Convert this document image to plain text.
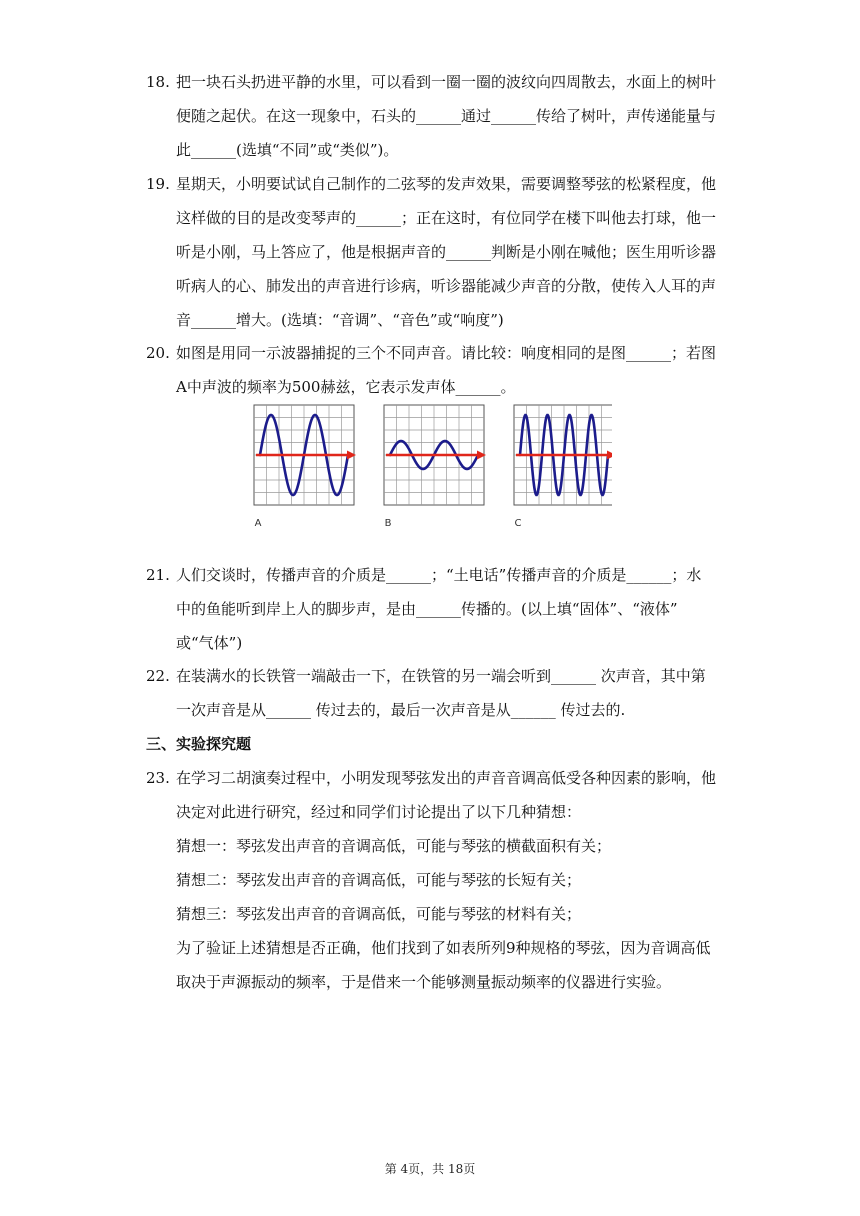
18. 把一块石头扔进平静的水里，可以看到一圈一圈的波纹向四周散去，水面上的树叶
便随之起伏。在这一现象中，石头的______通过______传给了树叶，声传递能量与
此______(选填“不同”或“类似”)。
19. 星期天，小明要试试自己制作的二弦琴的发声效果，需要调整琴弦的松紧程度，他
这样做的目的是改变琴声的______；正在这时，有位同学在楼下叫他去打球，他一
听是小刚，马上答应了，他是根据声音的______判断是小刚在喊他；医生用听诊器
听病人的心、肺发出的声音进行诊病，听诊器能减少声音的分散，使传入人耳的声
音______增大。(选填：“音调”、“音色”或“响度”)
20. 如图是用同一示波器捕捉的三个不同声音。请比较：响度相同的是图______；若图
A中声波的频率为500赫兹，它表示发声体______。
A	B	C
21. 人们交谈时，传播声音的介质是______；“土电话”传播声音的介质是______；水
中的鱼能听到岸上人的脚步声，是由______传播的。(以上填“固体”、“液体”
或“气体”)
22. 在装满水的长铁管一端敲击一下，在铁管的另一端会听到______ 次声音，其中第
一次声音是从______ 传过去的，最后一次声音是从______ 传过去的.
三、实验探究题
23. 在学习二胡演奏过程中，小明发现琴弦发出的声音音调高低受各种因素的影响，他
决定对此进行研究，经过和同学们讨论提出了以下几种猜想：
猜想一：琴弦发出声音的音调高低，可能与琴弦的横截面积有关；
猜想二：琴弦发出声音的音调高低，可能与琴弦的长短有关；
猜想三：琴弦发出声音的音调高低，可能与琴弦的材料有关；
为了验证上述猜想是否正确，他们找到了如表所列9种规格的琴弦，因为音调高低
取决于声源振动的频率，于是借来一个能够测量振动频率的仪器进行实验。
第 4页，共 18页
